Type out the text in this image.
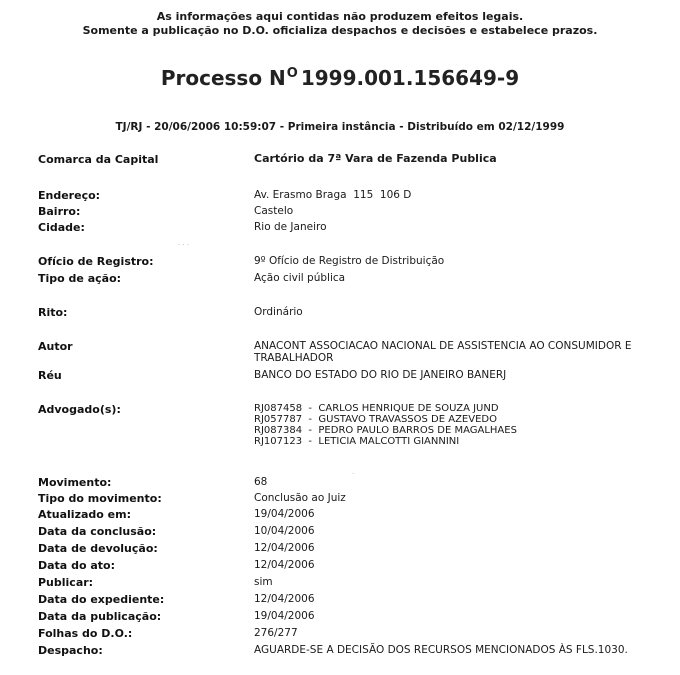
As informações aqui contidas não produzem efeitos legais.
Somente a publicação no D.O. oficializa despachos e decisões e estabelece prazos.
Processo $N^O$ 1999.001.156649-9
TJ/RJ - 20/06/2006 10:59:07 - Primeira instância - Distribuído em 02/12/1999
Comarca da Capital	Cartório da 7ª Vara de Fazenda Publica
Endereço:	Av. Erasmo Braga  115  106 D
Bairro:	Castelo
Cidade:	Rio de Janeiro
Ofício de Registro:	9º Ofício de Registro de Distribuição
Tipo de ação:	Ação civil pública
Rito:	Ordinário
Autor	ANACONT ASSOCIACAO NACIONAL DE ASSISTENCIA AO CONSUMIDOR E TRABALHADOR
Réu	BANCO DO ESTADO DO RIO DE JANEIRO BANERJ
Advogado(s):	RJ087458  -  CARLOS HENRIQUE DE SOUZA JUND
RJ057787  -  GUSTAVO TRAVASSOS DE AZEVEDO
RJ087384  -  PEDRO PAULO BARROS DE MAGALHAES
RJ107123  -  LETICIA MALCOTTI GIANNINI
Movimento:	68
Tipo do movimento:	Conclusão ao Juiz
Atualizado em:	19/04/2006
Data da conclusão:	10/04/2006
Data de devolução:	12/04/2006
Data do ato:	12/04/2006
Publicar:	sim
Data do expediente:	12/04/2006
Data da publicação:	19/04/2006
Folhas do D.O.:	276/277
Despacho:	AGUARDE-SE A DECISÃO DOS RECURSOS MENCIONADOS ÀS FLS.1030.
· · ·
·
